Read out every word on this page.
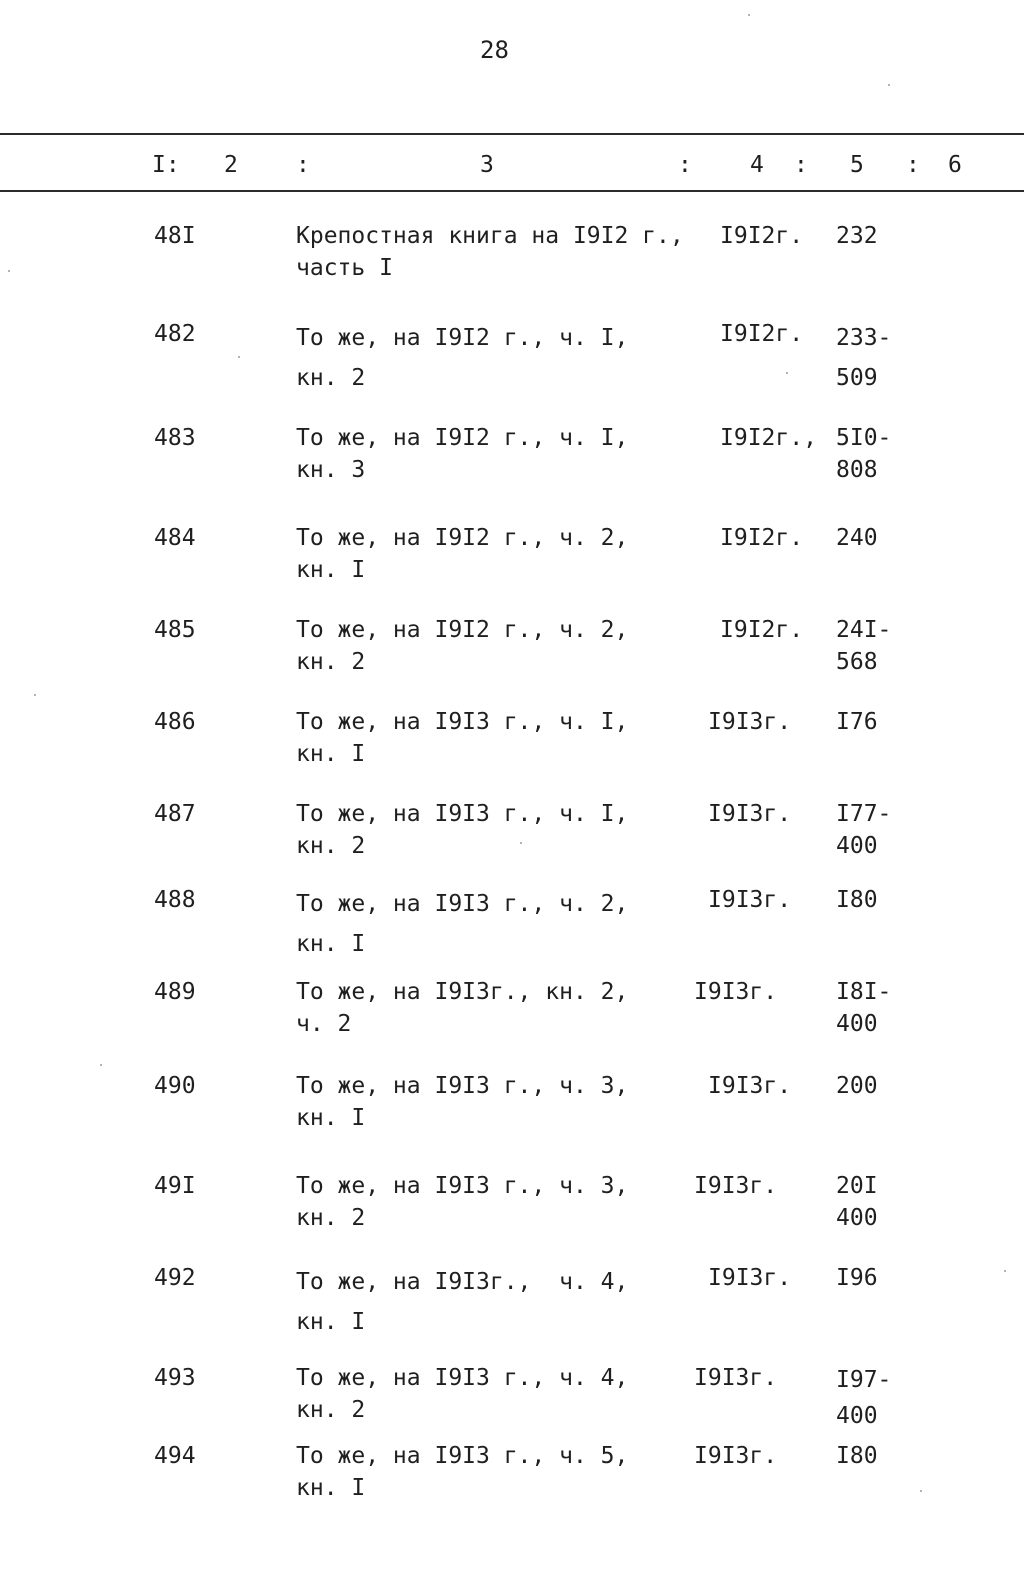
28
I: 2	:	3	:	4 : 5 : 6
48I	Крепостная книга на I9I2 г.,
часть I
I9I2г. 232
482	То же, на I9I2 г., ч. I,
кн. 2
I9I2г. 233-
509
483	То же, на I9I2 г., ч. I,
кн. 3
I9I2г., 5I0-
808
484	То же, на I9I2 г., ч. 2,
кн. I
I9I2г. 240
485	То же, на I9I2 г., ч. 2,
кн. 2
I9I2г. 24I-
568
486	То же, на I9I3 г., ч. I,
кн. I
I9I3г. I76
487	То же, на I9I3 г., ч. I,
кн. 2
I9I3г. I77-
400
488	То же, на I9I3 г., ч. 2,
кн. I
I9I3г. I80
489	То же, на I9I3г., кн. 2,
ч. 2
I9I3г.	I8I-
400
490	То же, на I9I3 г., ч. 3,
кн. I
I9I3г. 200
49I	То же, на I9I3 г., ч. 3,
кн. 2
I9I3г.	20I
400
492	То же, на I9I3г.,  ч. 4,
кн. I
I9I3г. I96
493	То же, на I9I3 г., ч. 4,
кн. 2
I9I3г.	I97-
400
494	То же, на I9I3 г., ч. 5,
кн. I
I9I3г.	I80
